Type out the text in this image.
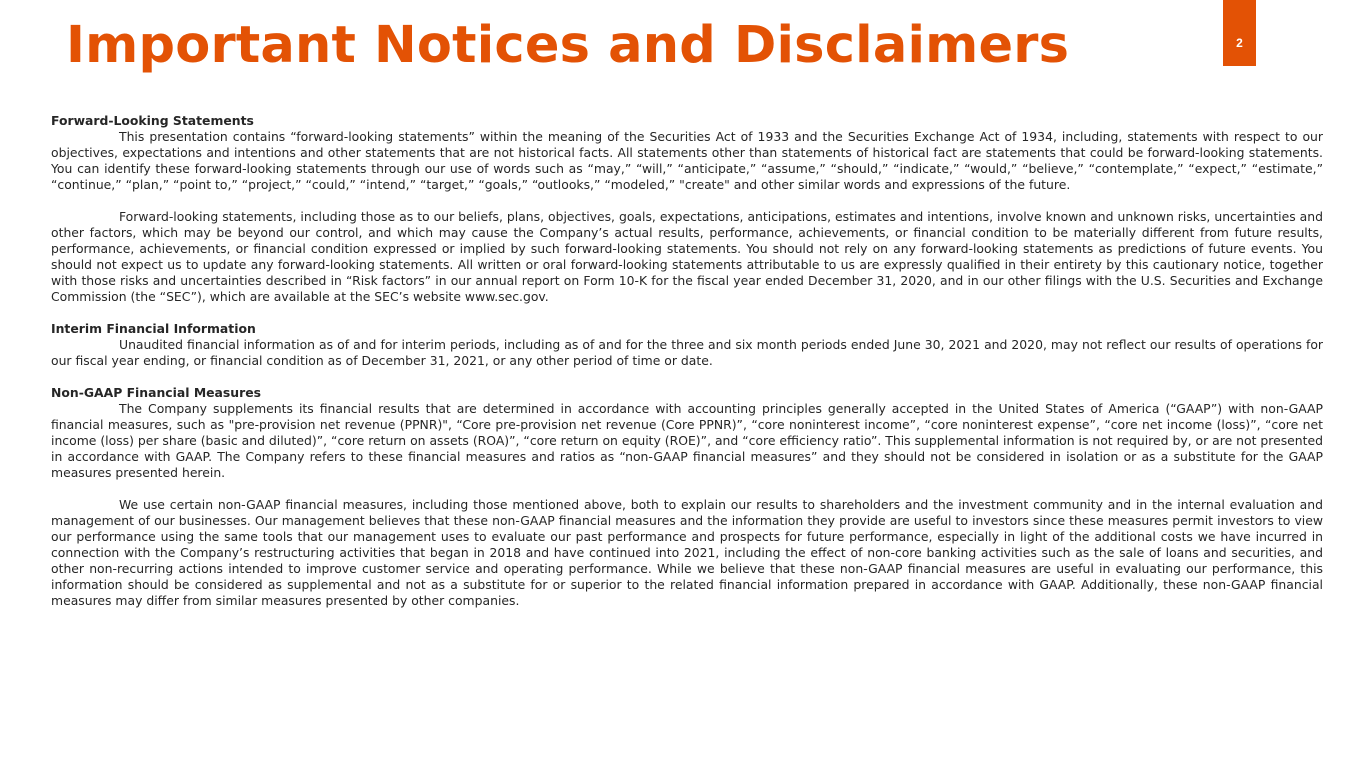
Important Notices and Disclaimers	2

Forward-Looking Statements

This presentation contains “forward-looking statements” within the meaning of the Securities Act of 1933 and the Securities Exchange Act of 1934, including, statements with respect to our objectives, expectations and intentions and other statements that are not historical facts. All statements other than statements of historical fact are statements that could be forward-looking statements. You can identify these forward-looking statements through our use of words such as “may,” “will,” “anticipate,” “assume,” “should,” “indicate,” “would,” “believe,” “contemplate,” “expect,” “estimate,” “continue,” “plan,” “point to,” “project,” “could,” “intend,” “target,” “goals,” “outlooks,” “modeled,” "create" and other similar words and expressions of the future.

Forward-looking statements, including those as to our beliefs, plans, objectives, goals, expectations, anticipations, estimates and intentions, involve known and unknown risks, uncertainties and other factors, which may be beyond our control, and which may cause the Company’s actual results, performance, achievements, or financial condition to be materially different from future results, performance, achievements, or financial condition expressed or implied by such forward-looking statements. You should not rely on any forward-looking statements as predictions of future events. You should not expect us to update any forward-looking statements. All written or oral forward-looking statements attributable to us are expressly qualified in their entirety by this cautionary notice, together with those risks and uncertainties described in “Risk factors” in our annual report on Form 10-K for the fiscal year ended December 31, 2020, and in our other filings with the U.S. Securities and Exchange Commission (the “SEC”), which are available at the SEC’s website www.sec.gov.

Interim Financial Information

Unaudited financial information as of and for interim periods, including as of and for the three and six month periods ended June 30, 2021 and 2020, may not reflect our results of operations for our fiscal year ending, or financial condition as of December 31, 2021, or any other period of time or date.

Non-GAAP Financial Measures

The Company supplements its financial results that are determined in accordance with accounting principles generally accepted in the United States of America (“GAAP”) with non-GAAP financial measures, such as "pre-provision net revenue (PPNR)", “Core pre-provision net revenue (Core PPNR)”, “core noninterest income”, “core noninterest expense”, “core net income (loss)”, “core net income (loss) per share (basic and diluted)”, “core return on assets (ROA)”, “core return on equity (ROE)”, and “core efficiency ratio”. This supplemental information is not required by, or are not presented in accordance with GAAP. The Company refers to these financial measures and ratios as “non-GAAP financial measures” and they should not be considered in isolation or as a substitute for the GAAP measures presented herein.

We use certain non-GAAP financial measures, including those mentioned above, both to explain our results to shareholders and the investment community and in the internal evaluation and management of our businesses. Our management believes that these non-GAAP financial measures and the information they provide are useful to investors since these measures permit investors to view our performance using the same tools that our management uses to evaluate our past performance and prospects for future performance, especially in light of the additional costs we have incurred in connection with the Company’s restructuring activities that began in 2018 and have continued into 2021, including the effect of non-core banking activities such as the sale of loans and securities, and other non-recurring actions intended to improve customer service and operating performance. While we believe that these non-GAAP financial measures are useful in evaluating our performance, this information should be considered as supplemental and not as a substitute for or superior to the related financial information prepared in accordance with GAAP. Additionally, these non-GAAP financial measures may differ from similar measures presented by other companies.
